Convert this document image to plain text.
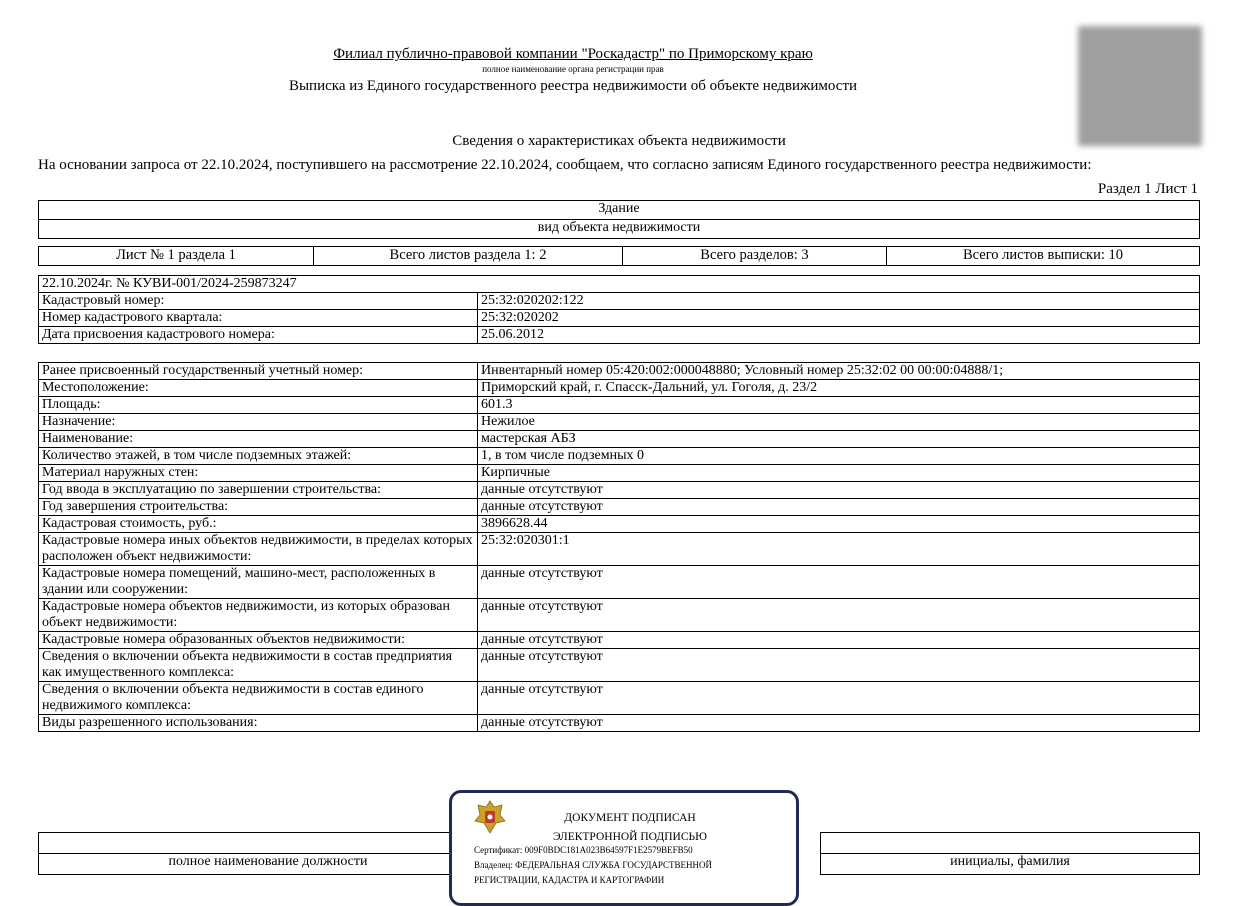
Филиал публично-правовой компании "Роскадастр" по Приморскому краю
полное наименование органа регистрации прав
Выписка из Единого государственного реестра недвижимости об объекте недвижимости
Сведения о характеристиках объекта недвижимости
На основании запроса от 22.10.2024, поступившего на рассмотрение 22.10.2024, сообщаем, что согласно записям Единого государственного реестра недвижимости:
Раздел 1 Лист 1
Здание
вид объекта недвижимости
Лист № 1 раздела 1	Всего листов раздела 1: 2	Всего разделов: 3	Всего листов выписки: 10
22.10.2024г. № КУВИ-001/2024-259873247	
Кадастровый номер:	25:32:020202:122
Номер кадастрового квартала:	25:32:020202
Дата присвоения кадастрового номера:	25.06.2012
Ранее присвоенный государственный учетный номер:	Инвентарный номер 05:420:002:000048880; Условный номер 25:32:02 00 00:00:04888/1;
Местоположение:	Приморский край, г. Спасск-Дальний, ул. Гоголя, д. 23/2
Площадь:	601.3
Назначение:	Нежилое
Наименование:	мастерская АБЗ
Количество этажей, в том числе подземных этажей:	1, в том числе подземных 0
Материал наружных стен:	Кирпичные
Год ввода в эксплуатацию по завершении строительства:	данные отсутствуют
Год завершения строительства:	данные отсутствуют
Кадастровая стоимость, руб.:	3896628.44
Кадастровые номера иных объектов недвижимости, в пределах которых расположен объект недвижимости:	25:32:020301:1
Кадастровые номера помещений, машино-мест, расположенных в здании или сооружении:	данные отсутствуют
Кадастровые номера объектов недвижимости, из которых образован объект недвижимости:	данные отсутствуют
Кадастровые номера образованных объектов недвижимости:	данные отсутствуют
Сведения о включении объекта недвижимости в состав предприятия как имущественного комплекса:	данные отсутствуют
Сведения о включении объекта недвижимости в состав единого недвижимого комплекса:	данные отсутствуют
Виды разрешенного использования:	данные отсутствуют

полное наименование должности		инициалы, фамилия
ДОКУМЕНТ ПОДПИСАН
ЭЛЕКТРОННОЙ ПОДПИСЬЮ
Сертификат: 009F0BDC181A023B64597F1E2579BEFB50
Владелец: ФЕДЕРАЛЬНАЯ СЛУЖБА ГОСУДАРСТВЕННОЙ
РЕГИСТРАЦИИ, КАДАСТРА И КАРТОГРАФИИ
